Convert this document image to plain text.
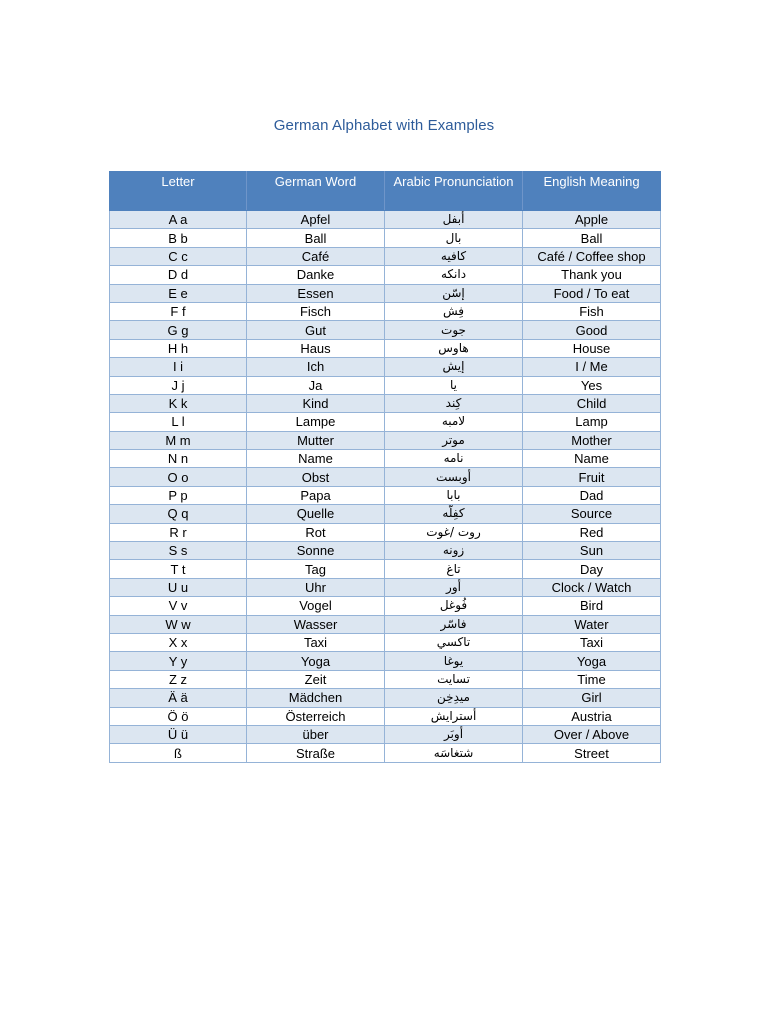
German Alphabet with Examples
Letter	German Word	Arabic Pronunciation	English Meaning
A a	Apfel	أبفل	Apple
B b	Ball	بال	Ball
C c	Café	كافيه	Café / Coffee shop
D d	Danke	دانكه	Thank you
E e	Essen	إسّن	Food / To eat
F f	Fisch	فِش	Fish
G g	Gut	جوت	Good
H h	Haus	هاوس	House
I i	Ich	إيش	I / Me
J j	Ja	يا	Yes
K k	Kind	كِند	Child
L l	Lampe	لامبه	Lamp
M m	Mutter	موتر	Mother
N n	Name	نامه	Name
O o	Obst	أوبست	Fruit
P p	Papa	بابا	Dad
Q q	Quelle	كفِلّه	Source
R r	Rot	روت /غوت	Red
S s	Sonne	زونه	Sun
T t	Tag	تاغ	Day
U u	Uhr	أور	Clock / Watch
V v	Vogel	فُوغل	Bird
W w	Wasser	فاسّر	Water
X x	Taxi	تاكسي	Taxi
Y y	Yoga	يوغا	Yoga
Z z	Zeit	تسايت	Time
Ä ä	Mädchen	ميدِخِن	Girl
Ö ö	Österreich	أسترايش	Austria
Ü ü	über	أوبَر	Over / Above
ß	Straße	شتغاسَه	Street
